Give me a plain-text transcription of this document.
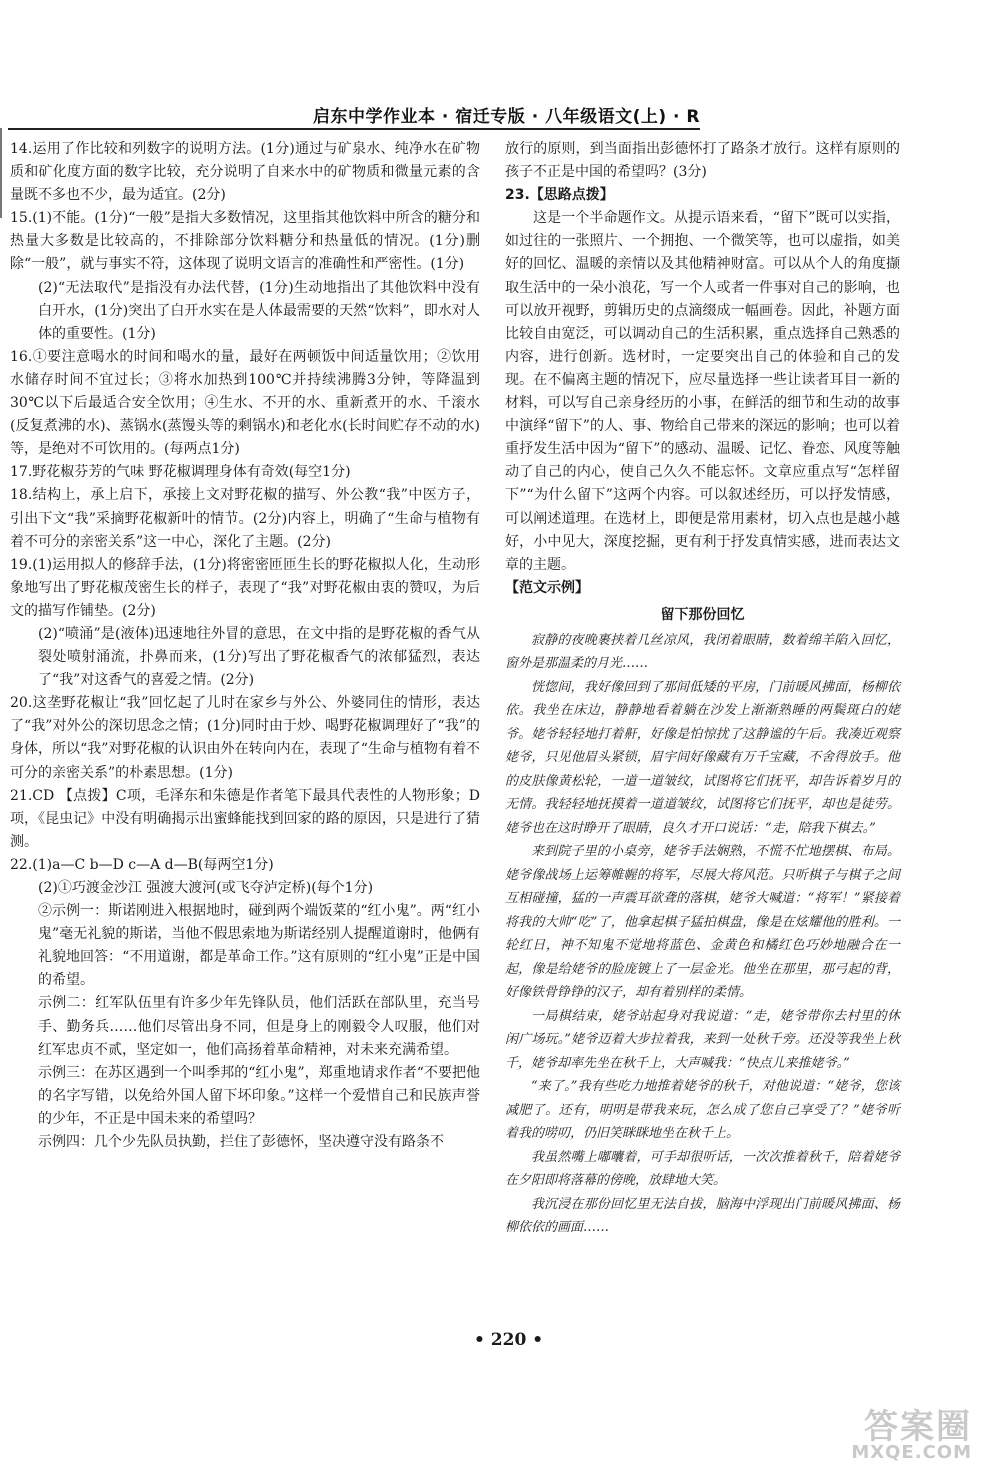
启东中学作业本 · 宿迁专版 · 八年级语文(上) · R

14.运用了作比较和列数字的说明方法。(1分)通过与矿泉水、纯净水在矿物质和矿化度方面的数字比较，充分说明了自来水中的矿物质和微量元素的含量既不多也不少，最为适宜。(2分)

15.(1)不能。(1分)“一般”是指大多数情况，这里指其他饮料中所含的糖分和热量大多数是比较高的，不排除部分饮料糖分和热量低的情况。(1分)删除“一般”，就与事实不符，这体现了说明文语言的准确性和严密性。(1分)

(2)“无法取代”是指没有办法代替，(1分)生动地指出了其他饮料中没有白开水，(1分)突出了白开水实在是人体最需要的天然“饮料”，即水对人体的重要性。(1分)

16.①要注意喝水的时间和喝水的量，最好在两顿饭中间适量饮用；②饮用水储存时间不宜过长；③将水加热到100℃并持续沸腾3分钟，等降温到30℃以下后最适合安全饮用；④生水、不开的水、重新煮开的水、千滚水(反复煮沸的水)、蒸锅水(蒸馒头等的剩锅水)和老化水(长时间贮存不动的水)等，是绝对不可饮用的。(每两点1分)

17.野花椒芬芳的气味 野花椒调理身体有奇效(每空1分)

18.结构上，承上启下，承接上文对野花椒的描写、外公教“我”中医方子，引出下文“我”采摘野花椒新叶的情节。(2分)内容上，明确了“生命与植物有着不可分的亲密关系”这一中心，深化了主题。(2分)

19.(1)运用拟人的修辞手法，(1分)将密密匝匝生长的野花椒拟人化，生动形象地写出了野花椒茂密生长的样子，表现了“我”对野花椒由衷的赞叹，为后文的描写作铺垫。(2分)

(2)“喷涌”是(液体)迅速地往外冒的意思，在文中指的是野花椒的香气从裂处喷射涌流，扑鼻而来，(1分)写出了野花椒香气的浓郁猛烈，表达了“我”对这香气的喜爱之情。(2分)

20.这垄野花椒让“我”回忆起了儿时在家乡与外公、外婆同住的情形，表达了“我”对外公的深切思念之情；(1分)同时由于炒、喝野花椒调理好了“我”的身体，所以“我”对野花椒的认识由外在转向内在，表现了“生命与植物有着不可分的亲密关系”的朴素思想。(1分)

21.CD 【点拨】C项，毛泽东和朱德是作者笔下最具代表性的人物形象；D项，《昆虫记》中没有明确揭示出蜜蜂能找到回家的路的原因，只是进行了猜测。

22.(1)a—C b—D c—A d—B(每两空1分)

(2)①巧渡金沙江 强渡大渡河(或飞夺泸定桥)(每个1分)

②示例一：斯诺刚进入根据地时，碰到两个端饭菜的“红小鬼”。两“红小鬼”毫无礼貌的斯诺，当他不假思索地为斯诺经别人提醒道谢时，他俩有礼貌地回答：“不用道谢，都是革命工作。”这有原则的“红小鬼”正是中国的希望。

示例二：红军队伍里有许多少年先锋队员，他们活跃在部队里，充当号手、勤务兵……他们尽管出身不同，但是身上的刚毅令人叹服，他们对红军忠贞不贰，坚定如一，他们高扬着革命精神，对未来充满希望。

示例三：在苏区遇到一个叫季邦的“红小鬼”，郑重地请求作者“不要把他的名字写错，以免给外国人留下坏印象。”这样一个爱惜自己和民族声誉的少年，不正是中国未来的希望吗？

示例四：几个少先队员执勤，拦住了彭德怀，坚决遵守没有路条不

放行的原则，到当面指出彭德怀打了路条才放行。这样有原则的孩子不正是中国的希望吗？(3分)

23.【思路点拨】

这是一个半命题作文。从提示语来看，“留下”既可以实指，如过往的一张照片、一个拥抱、一个微笑等，也可以虚指，如美好的回忆、温暖的亲情以及其他精神财富。可以从个人的角度撷取生活中的一朵小浪花，写一个人或者一件事对自己的影响，也可以放开视野，剪辑历史的点滴缀成一幅画卷。因此，补题方面比较自由宽泛，可以调动自己的生活积累，重点选择自己熟悉的内容，进行创新。选材时，一定要突出自己的体验和自己的发现。在不偏离主题的情况下，应尽量选择一些让读者耳目一新的材料，可以写自己亲身经历的小事，在鲜活的细节和生动的故事中演绎“留下”的人、事、物给自己带来的深远的影响；也可以着重抒发生活中因为“留下”的感动、温暖、记忆、眷恋、风度等触动了自己的内心，使自己久久不能忘怀。文章应重点写“怎样留下”“为什么留下”这两个内容。可以叙述经历，可以抒发情感，可以阐述道理。在选材上，即便是常用素材，切入点也是越小越好，小中见大，深度挖掘，更有利于抒发真情实感，进而表达文章的主题。

【范文示例】

留下那份回忆

寂静的夜晚裹挟着几丝凉风，我闭着眼睛，数着绵羊陷入回忆，窗外是那温柔的月光……

恍惚间，我好像回到了那间低矮的平房，门前暖风拂面，杨柳依依。我坐在床边，静静地看着躺在沙发上渐渐熟睡的两鬓斑白的姥爷。姥爷轻轻地打着鼾，好像是怕惊扰了这静谧的午后。我凑近观察姥爷，只见他眉头紧锁，眉宇间好像藏有万千宝藏，不舍得放手。他的皮肤像黄松轮，一道一道皱纹，试图将它们抚平，却告诉着岁月的无情。我轻轻地抚摸着一道道皱纹，试图将它们抚平，却也是徒劳。姥爷也在这时睁开了眼睛，良久才开口说话：“走，陪我下棋去。”

来到院子里的小桌旁，姥爷手法娴熟，不慌不忙地摆棋、布局。姥爷像战场上运筹帷幄的将军，尽展大将风范。只听棋子与棋子之间互相碰撞，猛的一声震耳欲聋的落棋，姥爷大喊道：“将军！”紧接着将我的大帅“吃”了，他拿起棋子猛拍棋盘，像是在炫耀他的胜利。一轮红日，神不知鬼不觉地将蓝色、金黄色和橘红色巧妙地融合在一起，像是给姥爷的脸庞镀上了一层金光。他坐在那里，那弓起的背，好像铁骨铮铮的汉子，却有着别样的柔情。

一局棋结束，姥爷站起身对我说道：“走，姥爷带你去村里的休闲广场玩。”姥爷迈着大步拉着我，来到一处秋千旁。还没等我坐上秋千，姥爷却率先坐在秋千上，大声喊我：“快点儿来推姥爷。”

“来了。”我有些吃力地推着姥爷的秋千，对他说道：“姥爷，您该减肥了。还有，明明是带我来玩，怎么成了您自己享受了？”姥爷听着我的唠叨，仍旧笑眯眯地坐在秋千上。

我虽然嘴上嘟囔着，可手却很听话，一次次推着秋千，陪着姥爷在夕阳即将落幕的傍晚，放肆地大笑。

我沉浸在那份回忆里无法自拔，脑海中浮现出门前暖风拂面、杨柳依依的画面……

• 220 •
答案圈
MXQE.COM
